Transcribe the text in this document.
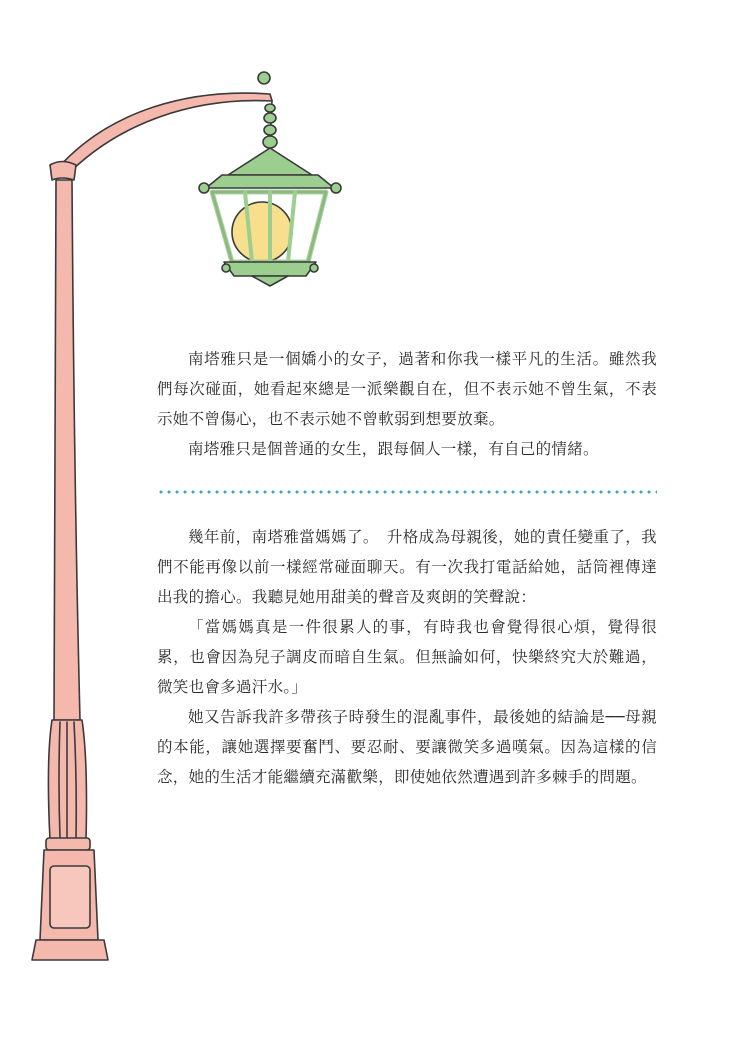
南塔雅只是一個嬌小的女子，過著和你我一樣平凡的生活。雖然我們每次碰面，她看起來總是一派樂觀自在，但不表示她不曾生氣，不表示她不曾傷心，也不表示她不曾軟弱到想要放棄。

南塔雅只是個普通的女生，跟每個人一樣，有自己的情緒。

幾年前，南塔雅當媽媽了。　升格成為母親後，她的責任變重了，我們不能再像以前一樣經常碰面聊天。有一次我打電話給她，話筒裡傳達出我的擔心。我聽見她用甜美的聲音及爽朗的笑聲說：

「當媽媽真是一件很累人的事，有時我也會覺得很心煩，覺得很累，也會因為兒子調皮而暗自生氣。但無論如何，快樂終究大於難過，微笑也會多過汗水。」

她又告訴我許多帶孩子時發生的混亂事件，最後她的結論是──母親的本能，讓她選擇要奮鬥、要忍耐、要讓微笑多過嘆氣。因為這樣的信念，她的生活才能繼續充滿歡樂，即使她依然遭遇到許多棘手的問題。
